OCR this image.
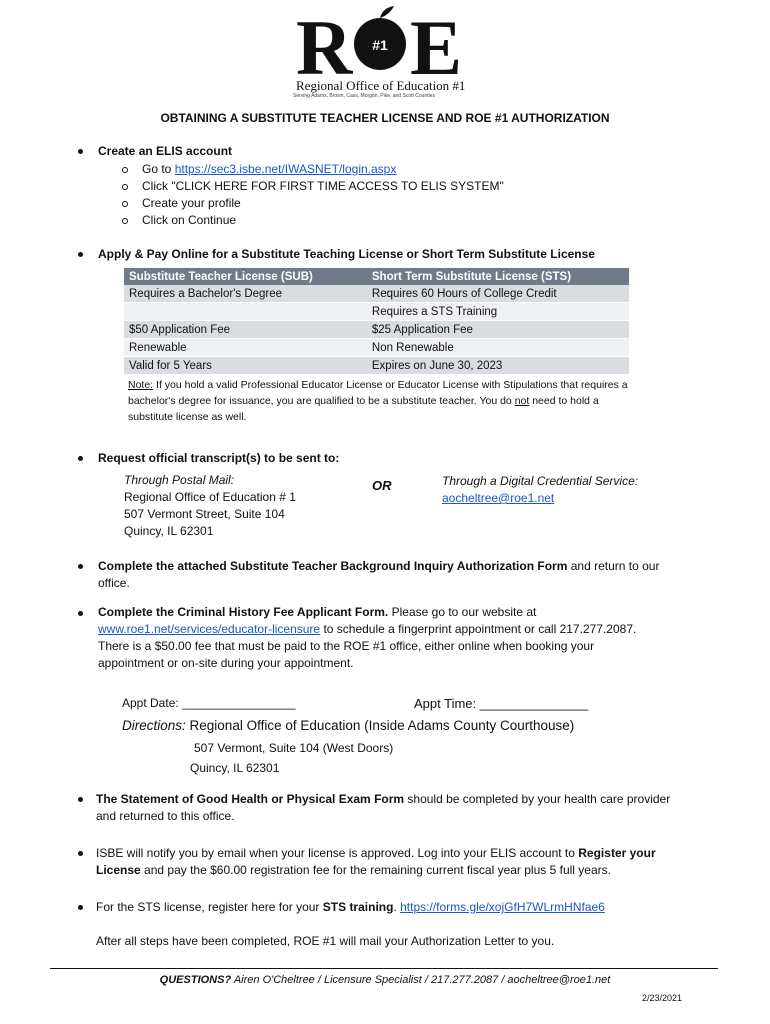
R #1 E
Regional Office of Education #1
Serving Adams, Brown, Cass, Morgan, Pike, and Scott Counties
OBTAINING A SUBSTITUTE TEACHER LICENSE AND ROE #1 AUTHORIZATION
Create an ELIS account
Go to https://sec3.isbe.net/IWASNET/login.aspx
Click "CLICK HERE FOR FIRST TIME ACCESS TO ELIS SYSTEM"
Create your profile
Click on Continue
Apply & Pay Online for a Substitute Teaching License or Short Term Substitute License
Substitute Teacher License (SUB)	Short Term Substitute License (STS)
Requires a Bachelor's Degree	Requires 60 Hours of College Credit
	Requires a STS Training
$50 Application Fee	$25 Application Fee
Renewable	Non Renewable
Valid for 5 Years	Expires on June 30, 2023
Note: If you hold a valid Professional Educator License or Educator License with Stipulations that requires a bachelor's degree for issuance, you are qualified to be a substitute teacher. You do not need to hold a substitute license as well.
Request official transcript(s) to be sent to:
Through Postal Mail:
Regional Office of Education # 1
507 Vermont Street, Suite 104
Quincy, IL 62301
OR	Through a Digital Credential Service:
aocheltree@roe1.net
Complete the attached Substitute Teacher Background Inquiry Authorization Form and return to our
office.
Complete the Criminal History Fee Applicant Form. Please go to our website at
www.roe1.net/services/educator-licensure to schedule a fingerprint appointment or call 217.277.2087.
There is a $50.00 fee that must be paid to the ROE #1 office, either online when booking your
appointment or on-site during your appointment.
Appt Date: _________________	Appt Time: _______________
Directions: Regional Office of Education (Inside Adams County Courthouse)
507 Vermont, Suite 104 (West Doors)
Quincy, IL 62301
The Statement of Good Health or Physical Exam Form should be completed by your health care provider
and returned to this office.
ISBE will notify you by email when your license is approved. Log into your ELIS account to Register your
License and pay the $60.00 registration fee for the remaining current fiscal year plus 5 full years.
For the STS license, register here for your STS training. https://forms.gle/xojGfH7WLrmHNfae6
After all steps have been completed, ROE #1 will mail your Authorization Letter to you.
QUESTIONS? Airen O'Cheltree / Licensure Specialist / 217.277.2087 / aocheltree@roe1.net
2/23/2021
